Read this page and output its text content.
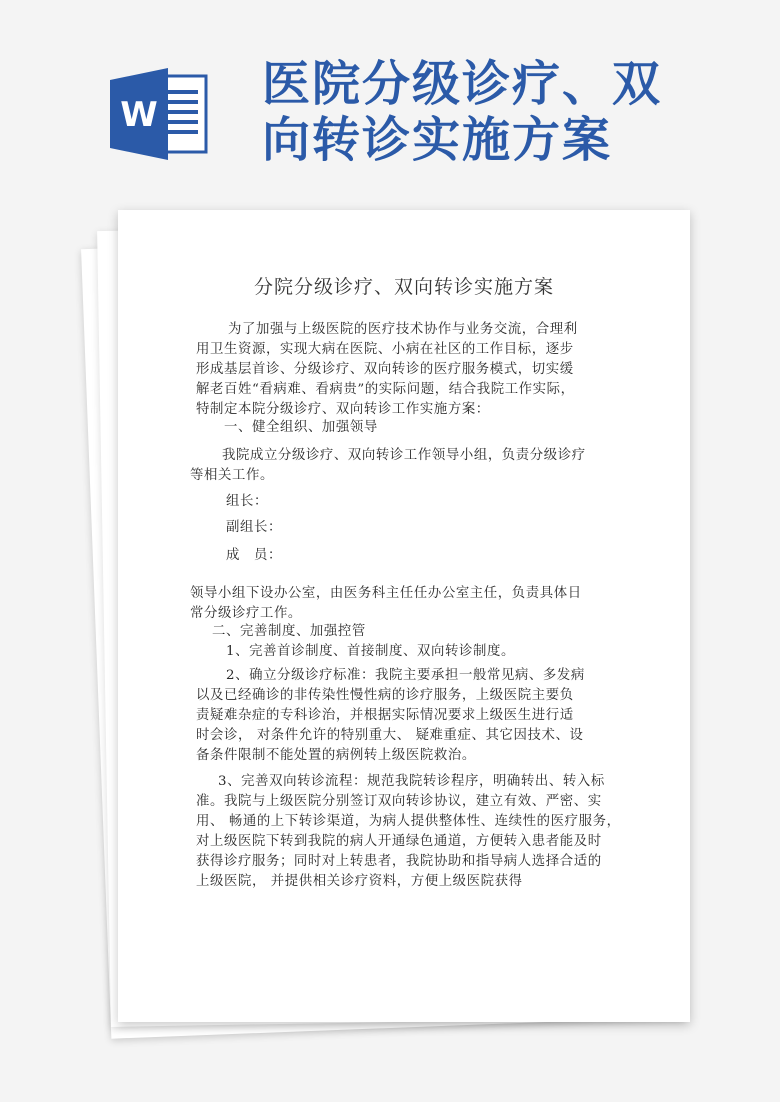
W
医院分级诊疗、双
向转诊实施方案
分院分级诊疗、双向转诊实施方案
为了加强与上级医院的医疗技术协作与业务交流，合理利
用卫生资源，实现大病在医院、小病在社区的工作目标，逐步
形成基层首诊、分级诊疗、双向转诊的医疗服务模式，切实缓
解老百姓“看病难、看病贵”的实际问题，结合我院工作实际，
特制定本院分级诊疗、双向转诊工作实施方案：
一、健全组织、加强领导
我院成立分级诊疗、双向转诊工作领导小组，负责分级诊疗
等相关工作。
组长：
副组长：
成　员：
领导小组下设办公室，由医务科主任任办公室主任，负责具体日
常分级诊疗工作。
二、完善制度、加强控管
1、完善首诊制度、首接制度、双向转诊制度。
2、确立分级诊疗标准：我院主要承担一般常见病、多发病
以及已经确诊的非传染性慢性病的诊疗服务，上级医院主要负
责疑难杂症的专科诊治，并根据实际情况要求上级医生进行适
时会诊， 对条件允许的特别重大、 疑难重症、其它因技术、设
备条件限制不能处置的病例转上级医院救治。
3、完善双向转诊流程：规范我院转诊程序，明确转出、转入标
准。我院与上级医院分别签订双向转诊协议，建立有效、严密、实
用、 畅通的上下转诊渠道，为病人提供整体性、连续性的医疗服务，
对上级医院下转到我院的病人开通绿色通道，方便转入患者能及时
获得诊疗服务；同时对上转患者，我院协助和指导病人选择合适的
上级医院， 并提供相关诊疗资料，方便上级医院获得
